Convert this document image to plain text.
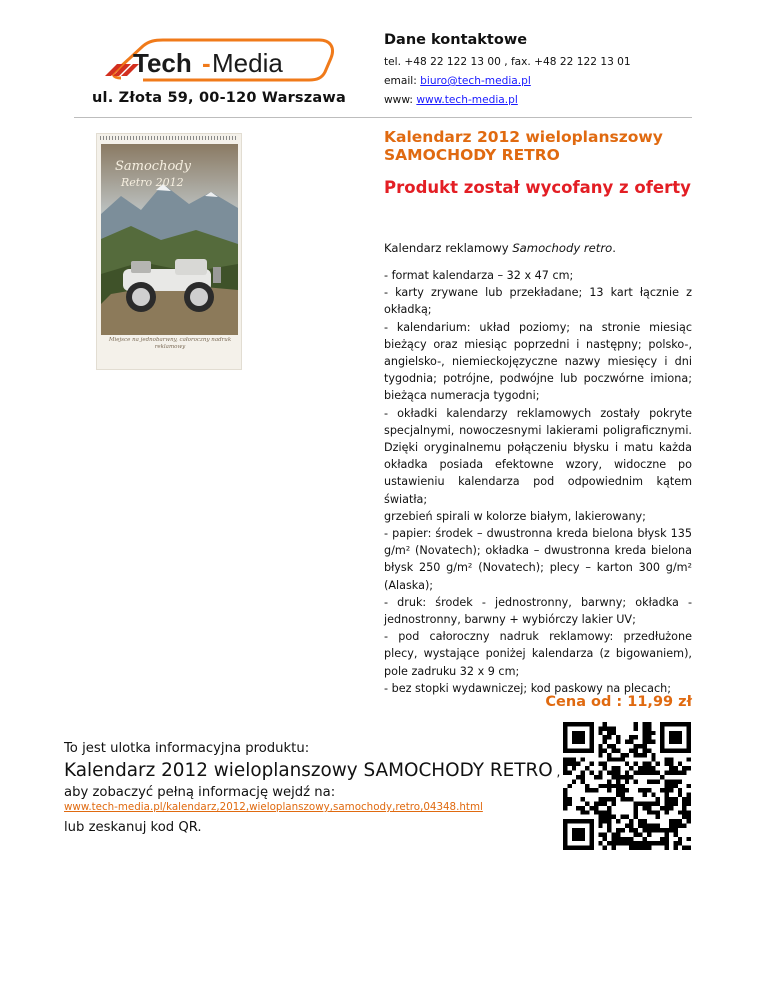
Tech - Media
ul. Złota 59, 00-120 Warszawa
Dane kontaktowe
tel. +48 22 122 13 00 , fax. +48 22 122 13 01
email: biuro@tech-media.pl
www: www.tech-media.pl
Samochody
Retro 2012
Miejsce na jednobarwny, całoroczny nadruk reklamowy
Kalendarz 2012 wieloplanszowy SAMOCHODY RETRO
Produkt został wycofany z oferty
Kalendarz reklamowy Samochody retro.
- format kalendarza – 32 x 47 cm;
- karty zrywane lub przekładane; 13 kart łącznie z okładką;
- kalendarium: układ poziomy; na stronie miesiąc bieżący oraz miesiąc poprzedni i następny; polsko-, angielsko-, niemieckojęzyczne nazwy miesięcy i dni tygodnia; potrójne, podwójne lub poczwórne imiona; bieżąca numeracja tygodni;
- okładki kalendarzy reklamowych zostały pokryte specjalnymi, nowoczesnymi lakierami poligraficznymi. Dzięki oryginalnemu połączeniu błysku i matu każda okładka posiada efektowne wzory, widoczne po ustawieniu kalendarza pod odpowiednim kątem światła;
grzebień spirali w kolorze białym, lakierowany;
- papier: środek – dwustronna kreda bielona błysk 135 g/m² (Novatech); okładka – dwustronna kreda bielona błysk 250 g/m² (Novatech); plecy – karton 300 g/m² (Alaska);
- druk: środek - jednostronny, barwny; okładka - jednostronny, barwny + wybiórczy lakier UV;
- pod całoroczny nadruk reklamowy: przedłużone plecy, wystające poniżej kalendarza (z bigowaniem), pole zadruku 32 x 9 cm;
- bez stopki wydawniczej; kod paskowy na plecach;
Cena od : 11,99 zł
To jest ulotka informacyjna produktu:
Kalendarz 2012 wieloplanszowy SAMOCHODY RETRO ,
aby zobaczyć pełną informację wejdź na:
www.tech-media.pl/kalendarz,2012,wieloplanszowy,samochody,retro,04348.html
lub zeskanuj kod QR.
